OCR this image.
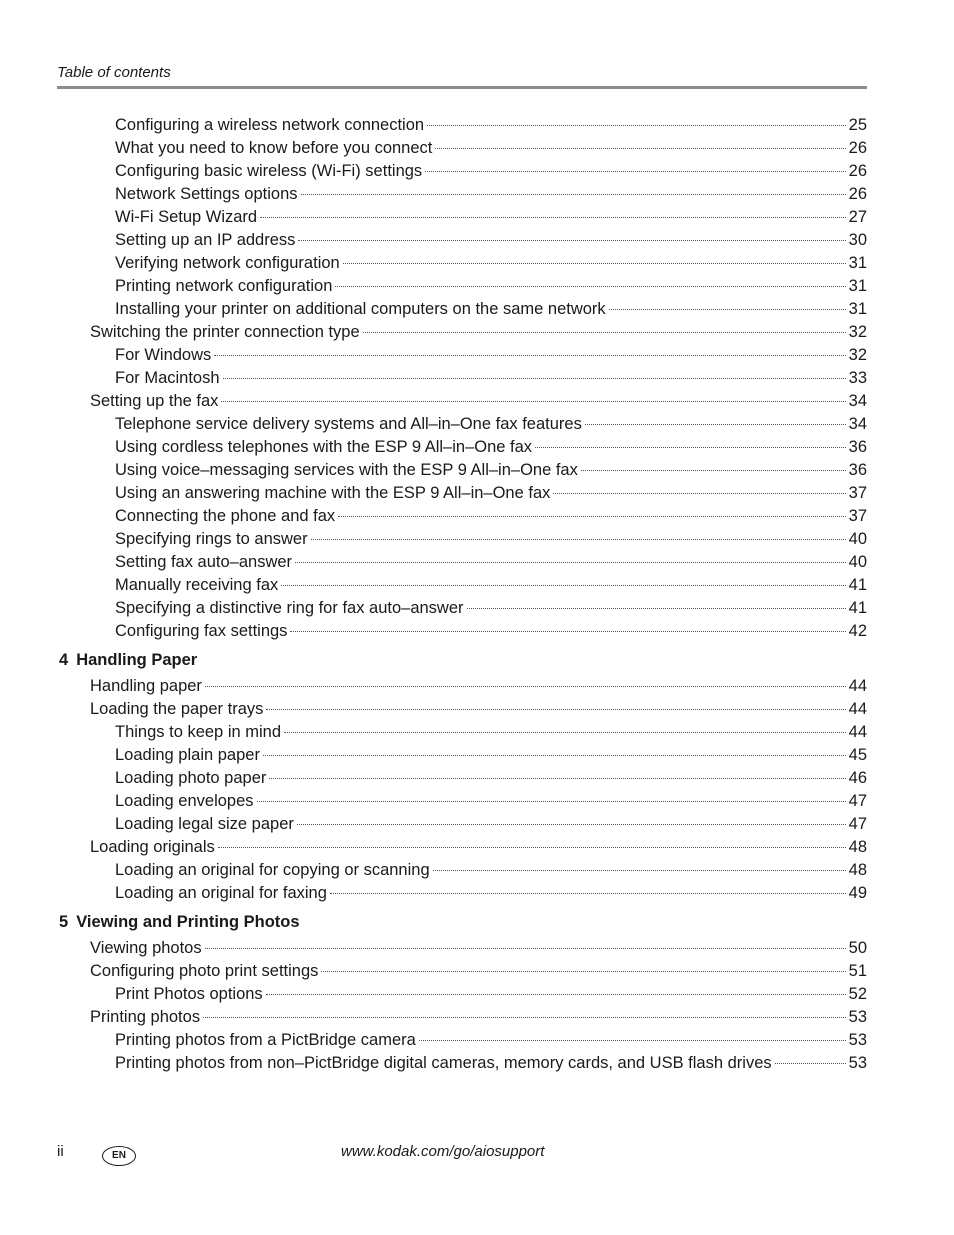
Table of contents
Configuring a wireless network connection	25
What you need to know before you connect	26
Configuring basic wireless (Wi-Fi) settings	26
Network Settings options	26
Wi-Fi Setup Wizard	27
Setting up an IP address	30
Verifying network configuration	31
Printing network configuration	31
Installing your printer on additional computers on the same network	31
Switching the printer connection type	32
For Windows	32
For Macintosh	33
Setting up the fax	34
Telephone service delivery systems and All–in–One fax features	34
Using cordless telephones with the ESP 9 All–in–One fax	36
Using voice–messaging services with the ESP 9 All–in–One fax	36
Using an answering machine with the ESP 9 All–in–One fax	37
Connecting the phone and fax	37
Specifying rings to answer	40
Setting fax auto–answer	40
Manually receiving fax	41
Specifying a distinctive ring for fax auto–answer	41
Configuring fax settings	42
4 Handling Paper
Handling paper	44
Loading the paper trays	44
Things to keep in mind	44
Loading plain paper	45
Loading photo paper	46
Loading envelopes	47
Loading legal size paper	47
Loading originals	48
Loading an original for copying or scanning	48
Loading an original for faxing	49
5 Viewing and Printing Photos
Viewing photos	50
Configuring photo print settings	51
Print Photos options	52
Printing photos	53
Printing photos from a PictBridge camera	53
Printing photos from non–PictBridge digital cameras, memory cards, and USB flash drives	53
ii	EN	www.kodak.com/go/aiosupport
